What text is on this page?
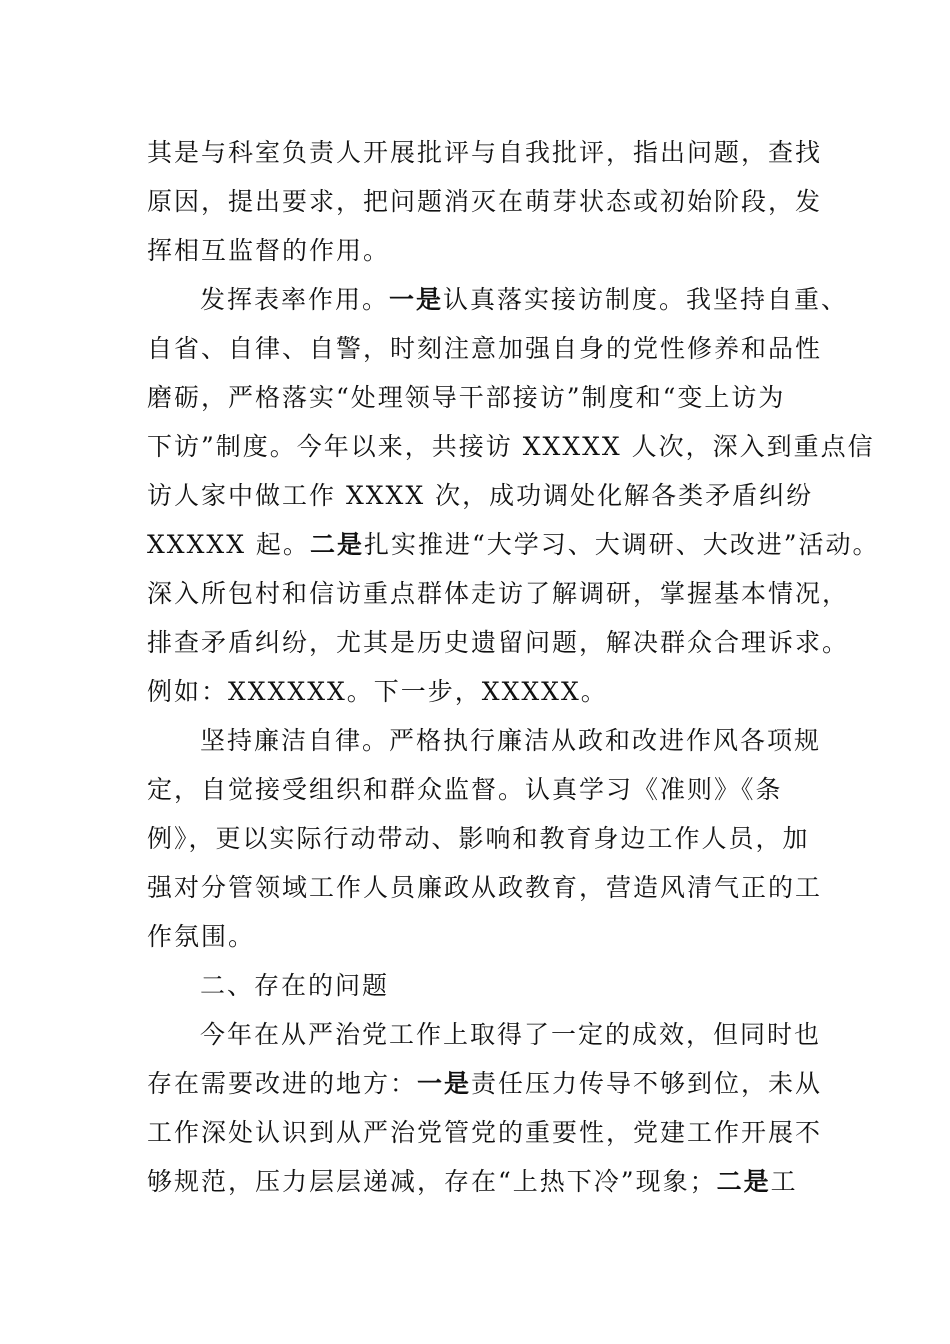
其是与科室负责人开展批评与自我批评，指出问题，查找
原因，提出要求，把问题消灭在萌芽状态或初始阶段，发
挥相互监督的作用。
发挥表率作用。一是认真落实接访制度。我坚持自重、
自省、自律、自警，时刻注意加强自身的党性修养和品性
磨砺，严格落实“处理领导干部接访”制度和“变上访为
下访”制度。今年以来，共接访 XXXXX 人次，深入到重点信
访人家中做工作 XXXX 次，成功调处化解各类矛盾纠纷
XXXXX 起。二是扎实推进“大学习、大调研、大改进”活动。
深入所包村和信访重点群体走访了解调研，掌握基本情况，
排查矛盾纠纷，尤其是历史遗留问题，解决群众合理诉求。
例如：XXXXXX。下一步，XXXXX。
坚持廉洁自律。严格执行廉洁从政和改进作风各项规
定，自觉接受组织和群众监督。认真学习《准则》《条
例》，更以实际行动带动、影响和教育身边工作人员，加
强对分管领域工作人员廉政从政教育，营造风清气正的工
作氛围。
二、存在的问题
今年在从严治党工作上取得了一定的成效，但同时也
存在需要改进的地方：一是责任压力传导不够到位，未从
工作深处认识到从严治党管党的重要性，党建工作开展不
够规范，压力层层递减，存在“上热下冷”现象；二是工
